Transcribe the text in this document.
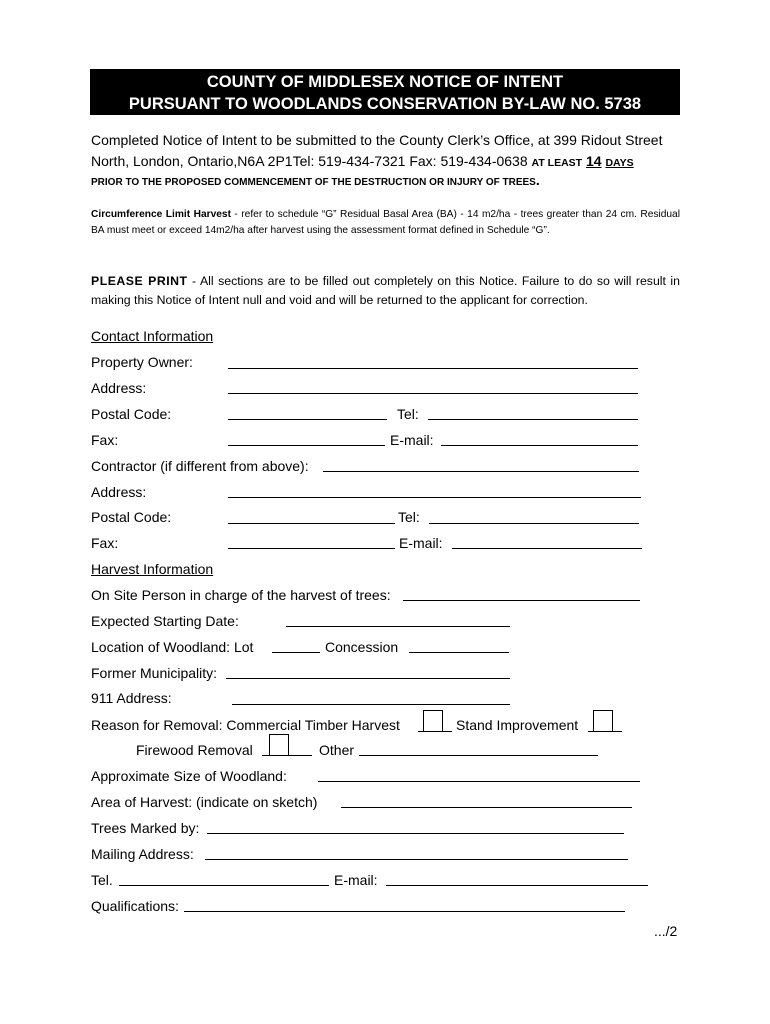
COUNTY OF MIDDLESEX NOTICE OF INTENT
PURSUANT TO WOODLANDS CONSERVATION BY-LAW NO. 5738
Completed Notice of Intent to be submitted to the County Clerk’s Office, at 399 Ridout Street
North, London, Ontario,N6A 2P1Tel: 519-434-7321 Fax: 519-434-0638 AT LEAST 14 DAYS
PRIOR TO THE PROPOSED COMMENCEMENT OF THE DESTRUCTION OR INJURY OF TREES.
Circumference Limit Harvest - refer to schedule “G” Residual Basal Area (BA) - 14 m2/ha - trees greater than 24 cm. Residual BA must meet or exceed 14m2/ha after harvest using the assessment format defined in Schedule “G”.
PLEASE PRINT - All sections are to be filled out completely on this Notice. Failure to do so will result in making this Notice of Intent null and void and will be returned to the applicant for correction.
Contact Information
Property Owner:
Address:
Postal Code:	Tel:
Fax:	E-mail:
Contractor (if different from above):
Address:
Postal Code:	Tel:
Fax:	E-mail:
Harvest Information
On Site Person in charge of the harvest of trees:
Expected Starting Date:
Location of Woodland: Lot	Concession
Former Municipality:
911 Address:
Reason for Removal: Commercial Timber Harvest	Stand Improvement
Firewood Removal	Other
Approximate Size of Woodland:
Area of Harvest: (indicate on sketch)
Trees Marked by:
Mailing Address:
Tel.	E-mail:
Qualifications:
.../2
